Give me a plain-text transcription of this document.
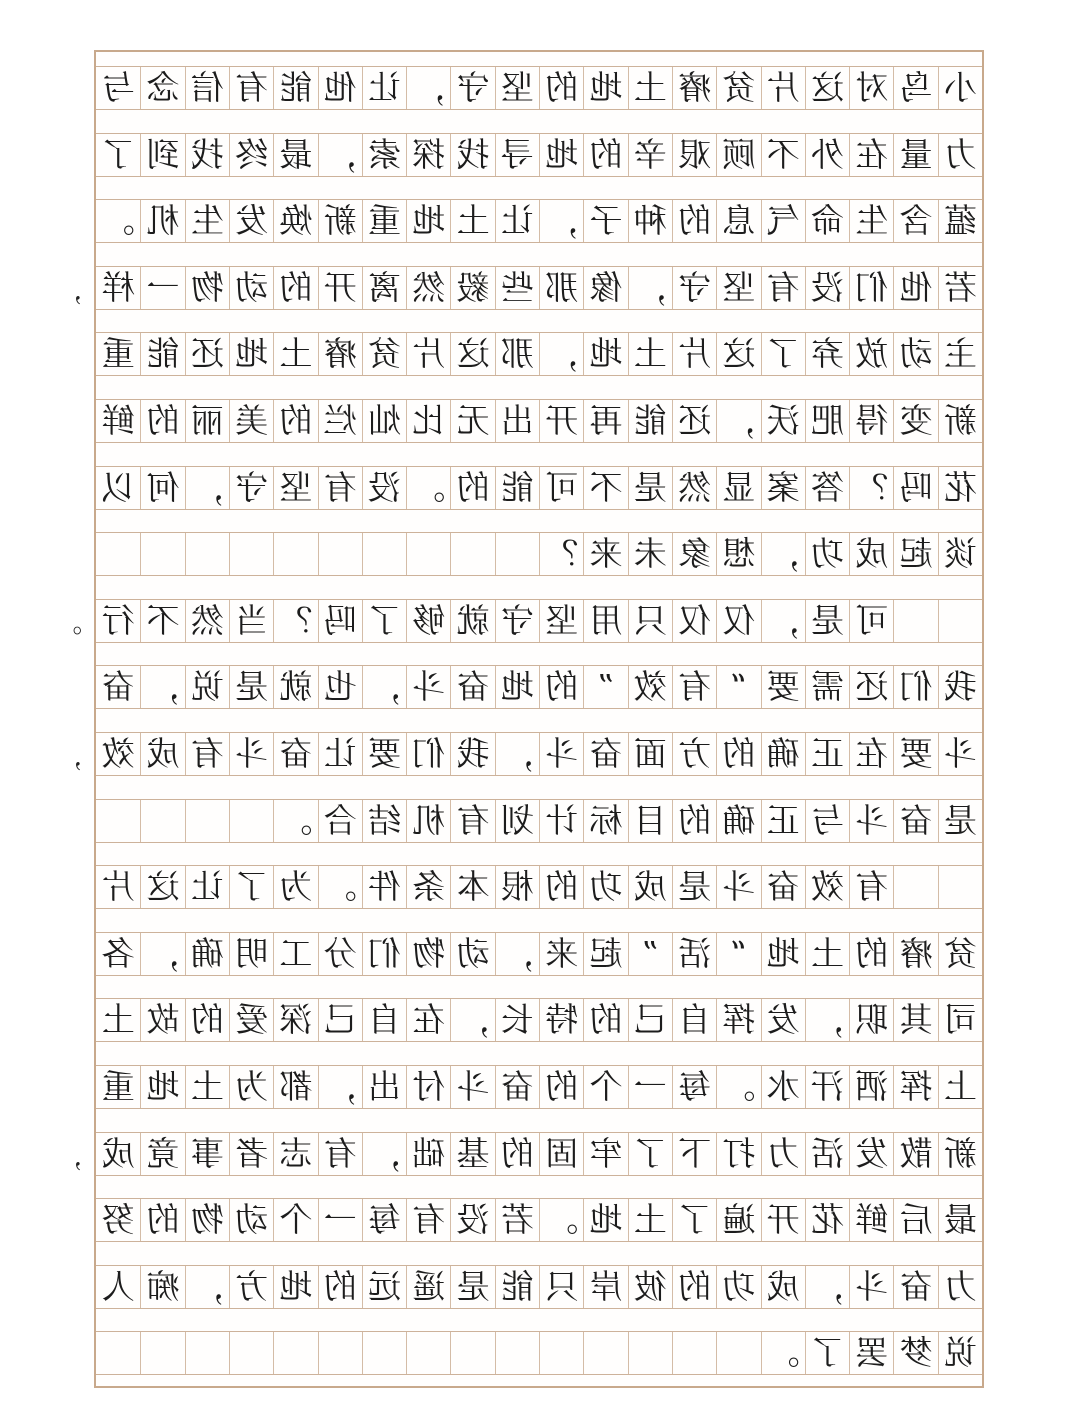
小
鸟
对
这
片
贫
瘠
土
地
的
坚
守
，
让
他
能
有
信
念
与
力
量
在
外
不
顾
艰
辛
的
地
寻
找
探
索
，
最
终
找
到
了
蕴
含
生
命
气
息
的
种
子
，
让
土
地
重
新
焕
发
生
机
。
若
他
们
没
有
坚
守
，
像
那
些
毅
然
离
开
的
动
物
一
样
主
动
放
弃
了
这
片
土
地
，
那
这
片
贫
瘠
土
地
还
能
重
新
变
得
肥
沃
，
还
能
再
开
出
无
比
灿
烂
的
美
丽
的
鲜
花
吗
？
答
案
显
然
是
不
可
能
的
。
没
有
坚
守
，
何
以
谈
起
成
功
，
想
象
未
来
？
可
是
，
仅
仅
只
用
坚
守
就
够
了
吗
？
当
然
不
行
我
们
还
需
要
“
有
效
”
的
地
奋
斗
，
也
就
是
说
，
奋
斗
要
在
正
确
的
方
面
奋
斗
，
我
们
要
让
奋
斗
有
成
效
是
奋
斗
与
正
确
的
目
标
计
划
有
机
结
合
。
有
效
奋
斗
是
成
功
的
根
本
条
件
。
为
了
让
这
片
贫
瘠
的
土
地
“
活
”
起
来
，
动
物
们
分
工
明
确
，
各
司
其
职
，
发
挥
自
己
的
特
长
，
在
自
己
深
爱
的
故
土
上
挥
洒
汗
水
。
每
一
个
的
奋
斗
付
出
，
都
为
土
地
重
新
散
发
活
力
打
下
了
牢
固
的
基
础
，
有
志
者
事
竟
成
最
后
鲜
花
开
遍
了
土
地
。
若
没
有
每
一
个
动
物
的
努
力
奋
斗
，
成
功
的
彼
岸
只
能
是
遥
远
的
地
方
，
痴
人
说
梦
罢
了
。
，
。
，
，
